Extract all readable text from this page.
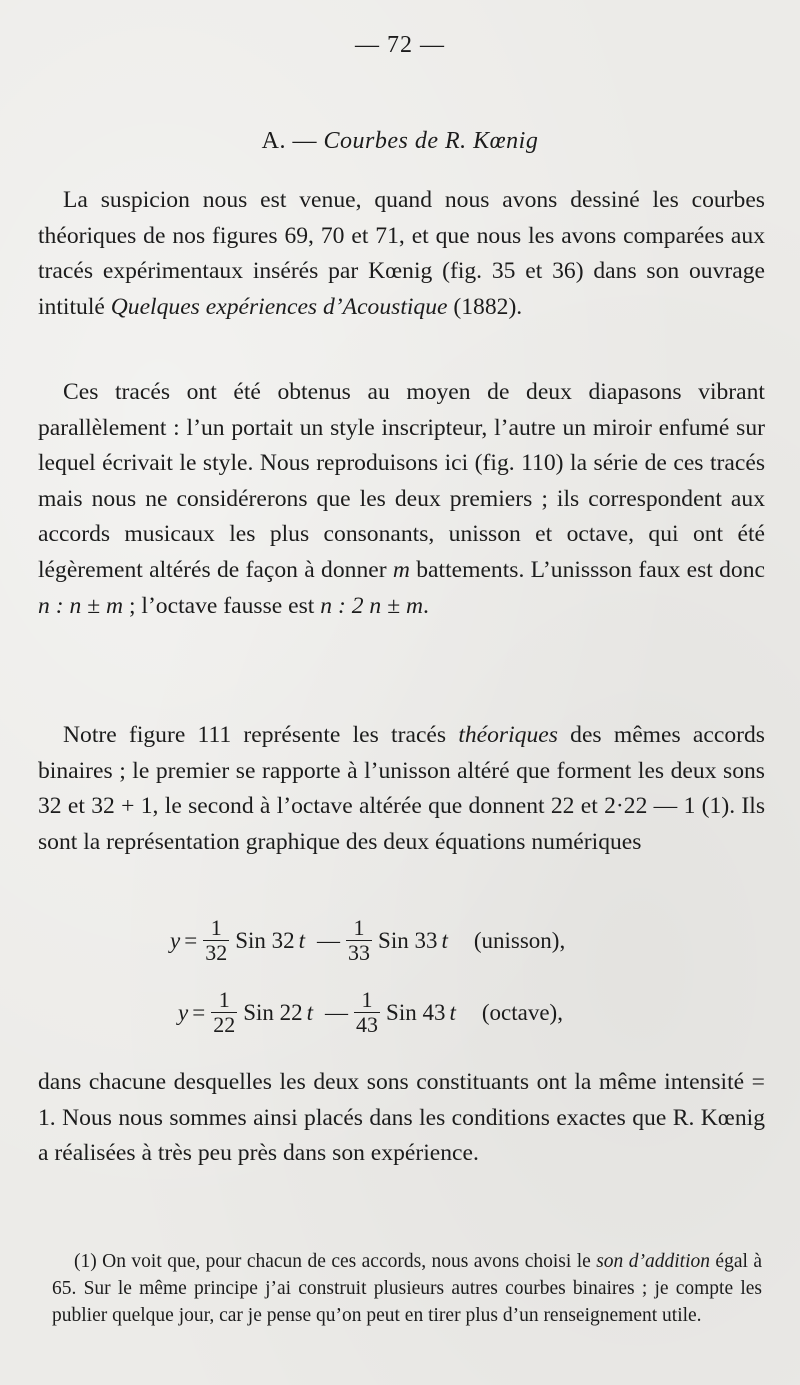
— 72 —
A. — Courbes de R. Kœnig

La suspicion nous est venue, quand nous avons dessiné les courbes théoriques de nos figures 69, 70 et 71, et que nous les avons comparées aux tracés expérimentaux insérés par Kœnig (fig. 35 et 36) dans son ouvrage intitulé Quelques expériences d’Acoustique (1882).

Ces tracés ont été obtenus au moyen de deux diapasons vibrant parallèlement : l’un portait un style inscripteur, l’autre un miroir enfumé sur lequel écrivait le style. Nous reproduisons ici (fig. 110) la série de ces tracés mais nous ne considérerons que les deux premiers ; ils correspondent aux accords musicaux les plus consonants, unisson et octave, qui ont été légèrement altérés de façon à donner m battements. L’unissson faux est donc n : n ± m ; l’octave fausse est n : 2 n ± m.

Notre figure 111 représente les tracés théoriques des mêmes accords binaires ; le premier se rapporte à l’unisson altéré que forment les deux sons 32 et 32 + 1, le second à l’octave altérée que donnent 22 et 2·22 — 1 (1). Ils sont la représentation graphique des deux équations numériques

$y = \frac{1}{32}$ Sin 32 t — $\frac{1}{33}$ Sin 33 t (unisson),
$y = \frac{1}{22}$ Sin 22 t — $\frac{1}{43}$ Sin 43 t (octave),

dans chacune desquelles les deux sons constituants ont la même intensité = 1. Nous nous sommes ainsi placés dans les conditions exactes que R. Kœnig a réalisées à très peu près dans son expérience.

(1) On voit que, pour chacun de ces accords, nous avons choisi le son d’addition égal à 65. Sur le même principe j’ai construit plusieurs autres courbes binaires ; je compte les publier quelque jour, car je pense qu’on peut en tirer plus d’un renseignement utile.
